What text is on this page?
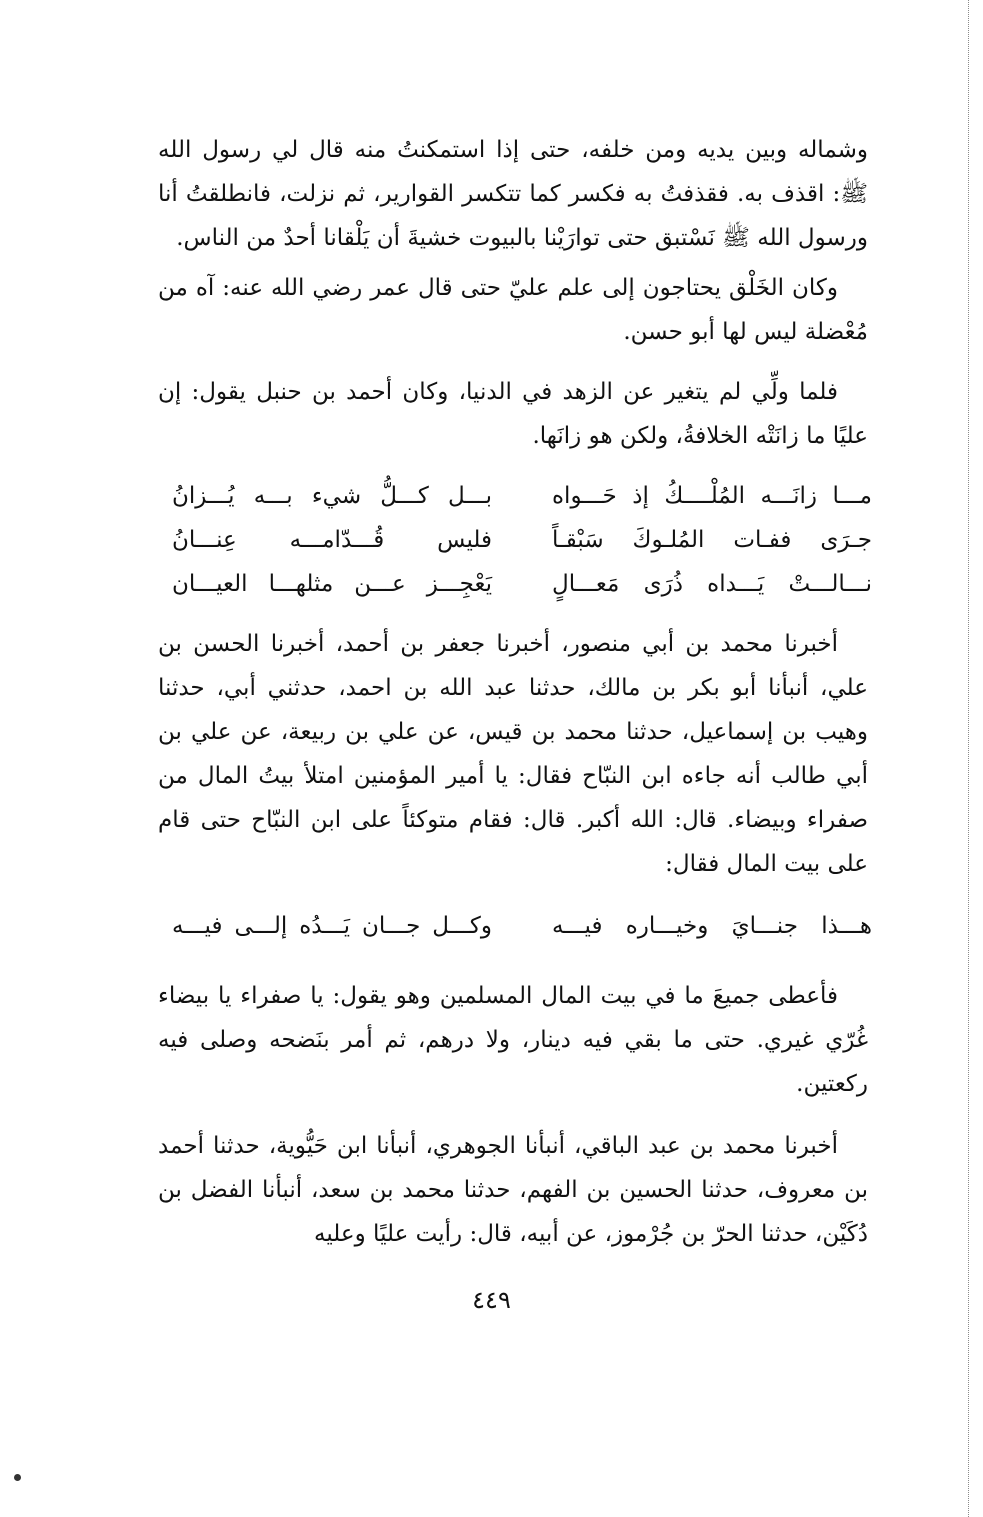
وشماله وبين يديه ومن خلفه، حتى إذا استمكنتُ منه قال لي رسول الله ﷺ: اقذف به. فقذفتُ به فكسر كما تتكسر القوارير، ثم نزلت، فانطلقتُ أنا ورسول الله ﷺ نَسْتبق حتى توارَيْنا بالبيوت خشيةَ أن يَلْقانا أحدٌ من الناس.

وكان الخَلْق يحتاجون إلى علم عليّ حتى قال عمر رضي الله عنه: آه من مُعْضلة ليس لها أبو حسن.

فلما ولِّي لم يتغير عن الزهد في الدنيا، وكان أحمد بن حنبل يقول: إن عليًا ما زانَتْه الخلافةُ، ولكن هو زانَها.

مـــا زانَـــه المُلْــــكُ إذ حَـــواه
بـــل كـــلُّ شيء بـــه يُـــزانُ
جـرَى ففـات المُلـوكَ سَبْقـاً
فليس قُـــدّامـــه عِنـــانُ
نـــالـــتْ يَـــداه ذُرَى مَعـــالٍ
يَعْجِـــز عـــن مثلهـــا العيـــان

أخبرنا محمد بن أبي منصور، أخبرنا جعفر بن أحمد، أخبرنا الحسن بن علي، أنبأنا أبو بكر بن مالك، حدثنا عبد الله بن احمد، حدثني أبي، حدثنا وهيب بن إسماعيل، حدثنا محمد بن قيس، عن علي بن ربيعة، عن علي بن أبي طالب أنه جاءه ابن النبّاح فقال: يا أمير المؤمنين امتلأ بيتُ المال من صفراء وبيضاء. قال: الله أكبر. قال: فقام متوكئاً على ابن النبّاح حتى قام على بيت المال فقال:

هـــذا جنـــايَ وخيـــاره فيـــه
وكـــل جـــان يَـــدُه إلـــى فيـــه

فأعطى جميعَ ما في بيت المال المسلمين وهو يقول: يا صفراء يا بيضاء غُرّي غيري. حتى ما بقي فيه دينار، ولا درهم، ثم أمر بنَضحه وصلى فيه ركعتين.

أخبرنا محمد بن عبد الباقي، أنبأنا الجوهري، أنبأنا ابن حَيُّوية، حدثنا أحمد بن معروف، حدثنا الحسين بن الفهم، حدثنا محمد بن سعد، أنبأنا الفضل بن دُكَيْن، حدثنا الحرّ بن جُرْموز، عن أبيه، قال: رأيت عليًا وعليه

٤٤٩
